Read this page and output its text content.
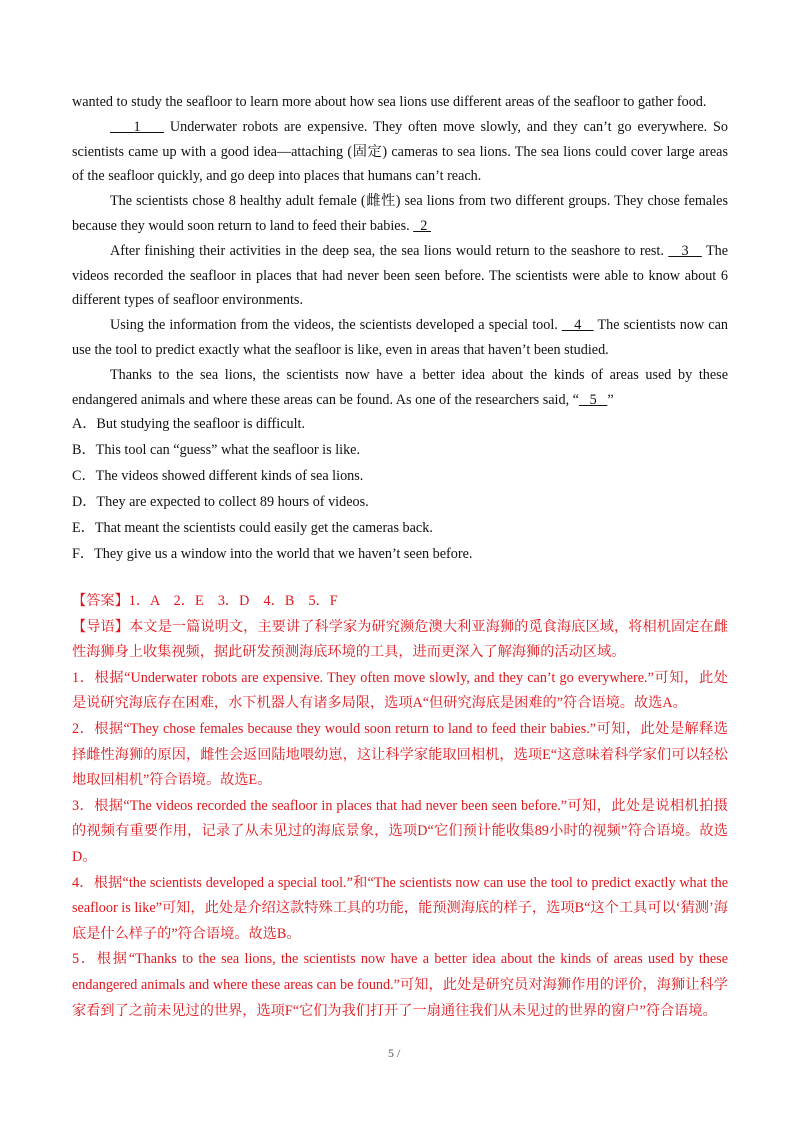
wanted to study the seafloor to learn more about how sea lions use different areas of the seafloor to gather food.

1     Underwater robots are expensive. They often move slowly, and they can’t go everywhere. So scientists came up with a good idea—attaching (固定) cameras to sea lions. The sea lions could cover large areas of the seafloor quickly, and go deep into places that humans can’t reach.

The scientists chose 8 healthy adult female (雌性) sea lions from two different groups. They chose females because they would soon return to land to feed their babies.   2

After finishing their activities in the deep sea, the sea lions would return to the seashore to rest.    3    The videos recorded the seafloor in places that had never been seen before. The scientists were able to know about 6 different types of seafloor environments.

Using the information from the videos, the scientists developed a special tool.    4    The scientists now can use the tool to predict exactly what the seafloor is like, even in areas that haven’t been studied.

Thanks to the sea lions, the scientists now have a better idea about the kinds of areas used by these endangered animals and where these areas can be found. As one of the researchers said, “   5   ”

A．But studying the seafloor is difficult.

B．This tool can “guess” what the seafloor is like.

C．The videos showed different kinds of sea lions.

D．They are expected to collect 89 hours of videos.

E．That meant the scientists could easily get the cameras back.

F．They give us a window into the world that we haven’t seen before.

【答案】1．A　2．E　3．D　4．B　5．F

【导语】本文是一篇说明文，主要讲了科学家为研究濒危澳大利亚海狮的觅食海底区域，将相机固定在雌性海狮身上收集视频，据此研发预测海底环境的工具，进而更深入了解海狮的活动区域。

1．根据“Underwater robots are expensive. They often move slowly, and they can’t go everywhere.”可知，此处是说研究海底存在困难，水下机器人有诸多局限，选项A“但研究海底是困难的”符合语境。故选A。

2．根据“They chose females because they would soon return to land to feed their babies.”可知，此处是解释选择雌性海狮的原因，雌性会返回陆地喂幼崽，这让科学家能取回相机，选项E“这意味着科学家们可以轻松地取回相机”符合语境。故选E。

3．根据“The videos recorded the seafloor in places that had never been seen before.”可知，此处是说相机拍摄的视频有重要作用，记录了从未见过的海底景象，选项D“它们预计能收集89小时的视频”符合语境。故选D。

4．根据“the scientists developed a special tool.”和“The scientists now can use the tool to predict exactly what the seafloor is like”可知，此处是介绍这款特殊工具的功能，能预测海底的样子，选项B“这个工具可以‘猜测’海底是什么样子的”符合语境。故选B。

5．根据“Thanks to the sea lions, the scientists now have a better idea about the kinds of areas used by these endangered animals and where these areas can be found.”可知，此处是研究员对海狮作用的评价，海狮让科学家看到了之前未见过的世界，选项F“它们为我们打开了一扇通往我们从未见过的世界的窗户”符合语境。

5 /
